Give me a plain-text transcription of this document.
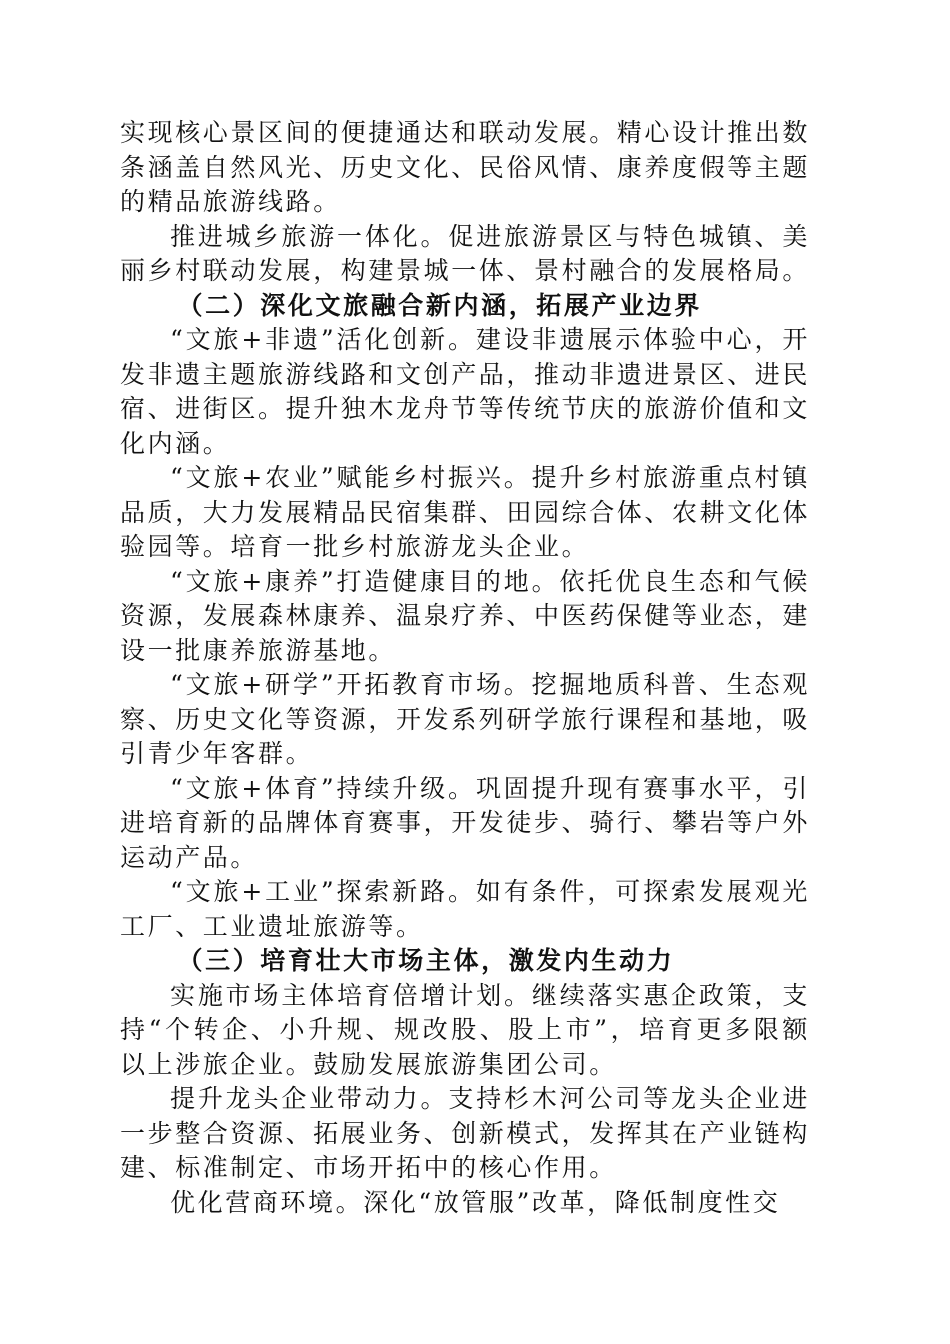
实现核心景区间的便捷通达和联动发展。精心设计推出数条涵盖自然风光、历史文化、民俗风情、康养度假等主题的精品旅游线路。

推进城乡旅游一体化。促进旅游景区与特色城镇、美丽乡村联动发展，构建景城一体、景村融合的发展格局。

（二）深化文旅融合新内涵，拓展产业边界

“文旅+非遗”活化创新。建设非遗展示体验中心，开发非遗主题旅游线路和文创产品，推动非遗进景区、进民宿、进街区。提升独木龙舟节等传统节庆的旅游价值和文化内涵。

“文旅+农业”赋能乡村振兴。提升乡村旅游重点村镇品质，大力发展精品民宿集群、田园综合体、农耕文化体验园等。培育一批乡村旅游龙头企业。

“文旅+康养”打造健康目的地。依托优良生态和气候资源，发展森林康养、温泉疗养、中医药保健等业态，建设一批康养旅游基地。

“文旅+研学”开拓教育市场。挖掘地质科普、生态观察、历史文化等资源，开发系列研学旅行课程和基地，吸引青少年客群。

“文旅+体育”持续升级。巩固提升现有赛事水平，引进培育新的品牌体育赛事，开发徒步、骑行、攀岩等户外运动产品。

“文旅+工业”探索新路。如有条件，可探索发展观光工厂、工业遗址旅游等。

（三）培育壮大市场主体，激发内生动力

实施市场主体培育倍增计划。继续落实惠企政策，支持“个转企、小升规、规改股、股上市”，培育更多限额以上涉旅企业。鼓励发展旅游集团公司。

提升龙头企业带动力。支持杉木河公司等龙头企业进一步整合资源、拓展业务、创新模式，发挥其在产业链构建、标准制定、市场开拓中的核心作用。

优化营商环境。深化“放管服”改革，降低制度性交
